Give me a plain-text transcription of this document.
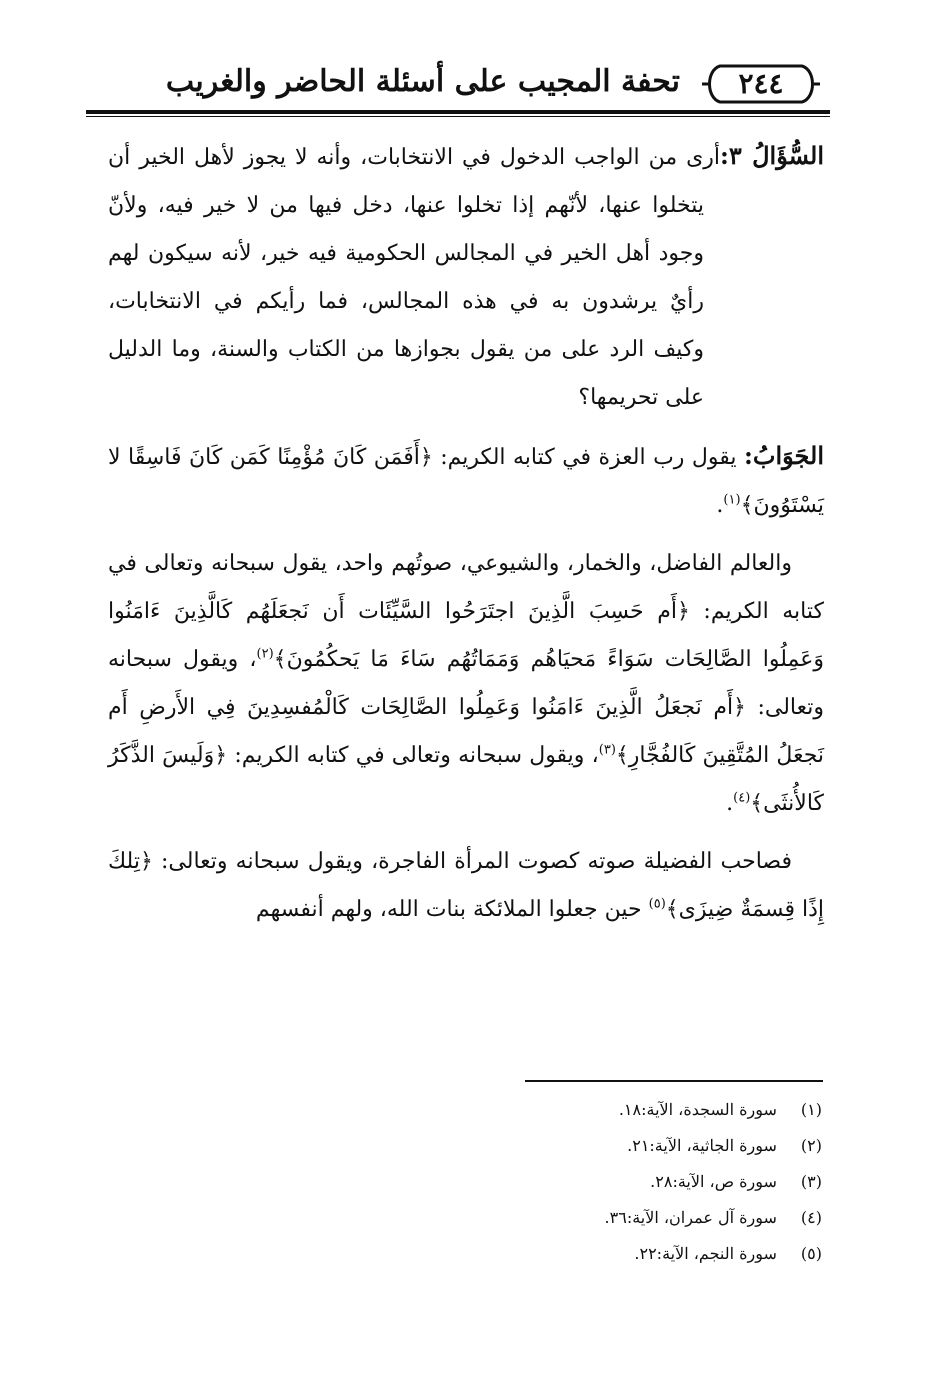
تحفة المجيب على أسئلة الحاضر والغريب	٢٤٤

السُّؤَالُ ٣:أرى من الواجب الدخول في الانتخابات، وأنه لا يجوز لأهل الخير أن يتخلوا عنها، لأنّهم إذا تخلوا عنها، دخل فيها من لا خير فيه، ولأنّ وجود أهل الخير في المجالس الحكومية فيه خير، لأنه سيكون لهم رأيٌ يرشدون به في هذه المجالس، فما رأيكم في الانتخابات، وكيف الرد على من يقول بجوازها من الكتاب والسنة، وما الدليل على تحريمها؟

الجَوَابُ: يقول رب العزة في كتابه الكريم: ﴿أَفَمَن كَانَ مُؤْمِنًا كَمَن كَانَ فَاسِقًا لا يَسْتَوُونَ﴾$^{(١)}$.

والعالم الفاضل، والخمار، والشيوعي، صوتُهم واحد، يقول سبحانه وتعالى في كتابه الكريم: ﴿أَم حَسِبَ الَّذِينَ اجتَرَحُوا السَّيِّئَات أَن نَجعَلَهُم كَالَّذِينَ ءَامَنُوا وَعَمِلُوا الصَّالِحَات سَوَاءً مَحيَاهُم وَمَمَاتُهُم سَاءَ مَا يَحكُمُونَ﴾$^{(٢)}$، ويقول سبحانه وتعالى: ﴿أَم نَجعَلُ الَّذِينَ ءَامَنُوا وَعَمِلُوا الصَّالِحَات كَالْمُفسِدِينَ فِي الأَرضِ أَم نَجعَلُ المُتَّقِينَ كَالفُجَّارِ﴾$^{(٣)}$، ويقول سبحانه وتعالى في كتابه الكريم: ﴿وَلَيسَ الذَّكَرُ كَالأُنثَى﴾$^{(٤)}$.

فصاحب الفضيلة صوته كصوت المرأة الفاجرة، ويقول سبحانه وتعالى: ﴿تِلكَ إِذًا قِسمَةٌ ضِيزَى﴾$^{(٥)}$ حين جعلوا الملائكة بنات الله، ولهم أنفسهم

(١) سورة السجدة، الآية:١٨.
(٢) سورة الجاثية، الآية:٢١.
(٣) سورة ص، الآية:٢٨.
(٤) سورة آل عمران، الآية:٣٦.
(٥) سورة النجم، الآية:٢٢.
